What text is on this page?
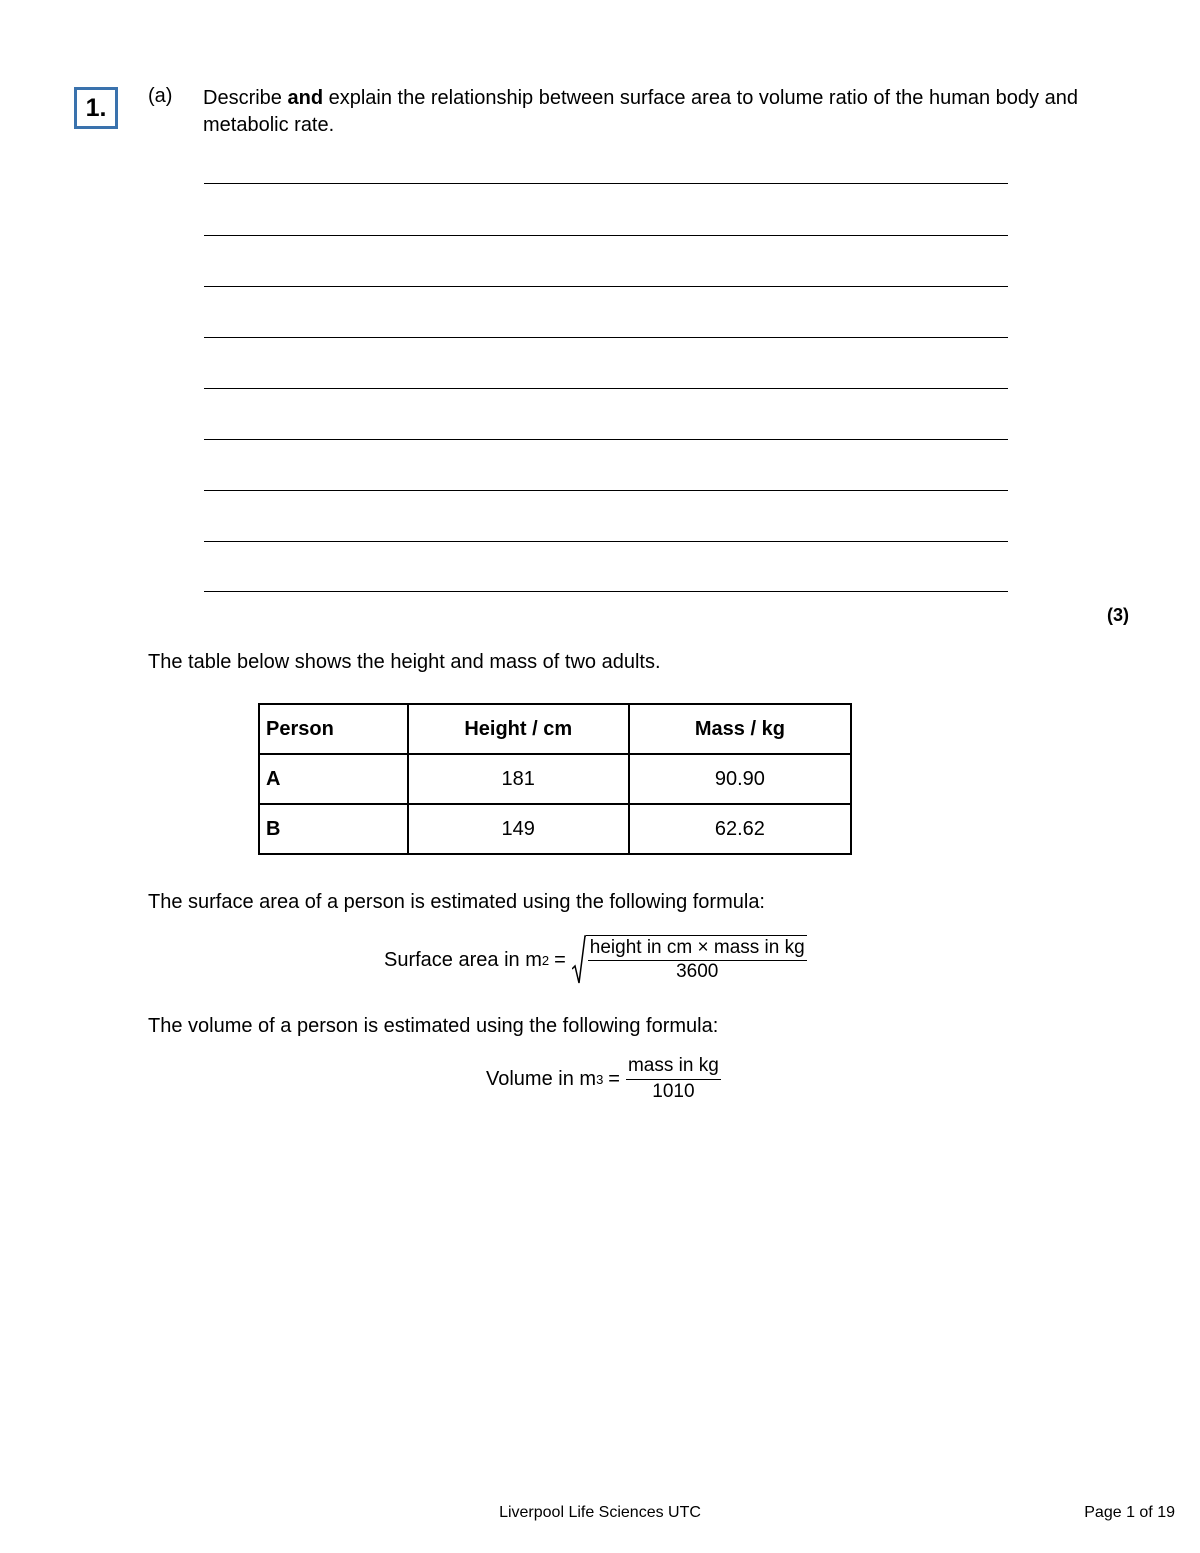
1. (a) Describe and explain the relationship between surface area to volume ratio of the human body and metabolic rate.
(3)
The table below shows the height and mass of two adults.
Person	Height / cm	Mass / kg
A	181	90.90
B	149	62.62
The surface area of a person is estimated using the following formula:
Surface area in m $2 = \frac{\text{height in cm × mass in kg}}{3600}$
The volume of a person is estimated using the following formula:
Volume in m $3 = \frac{\text{mass in kg}}{1010}$
Liverpool Life Sciences UTC	Page 1 of 19
